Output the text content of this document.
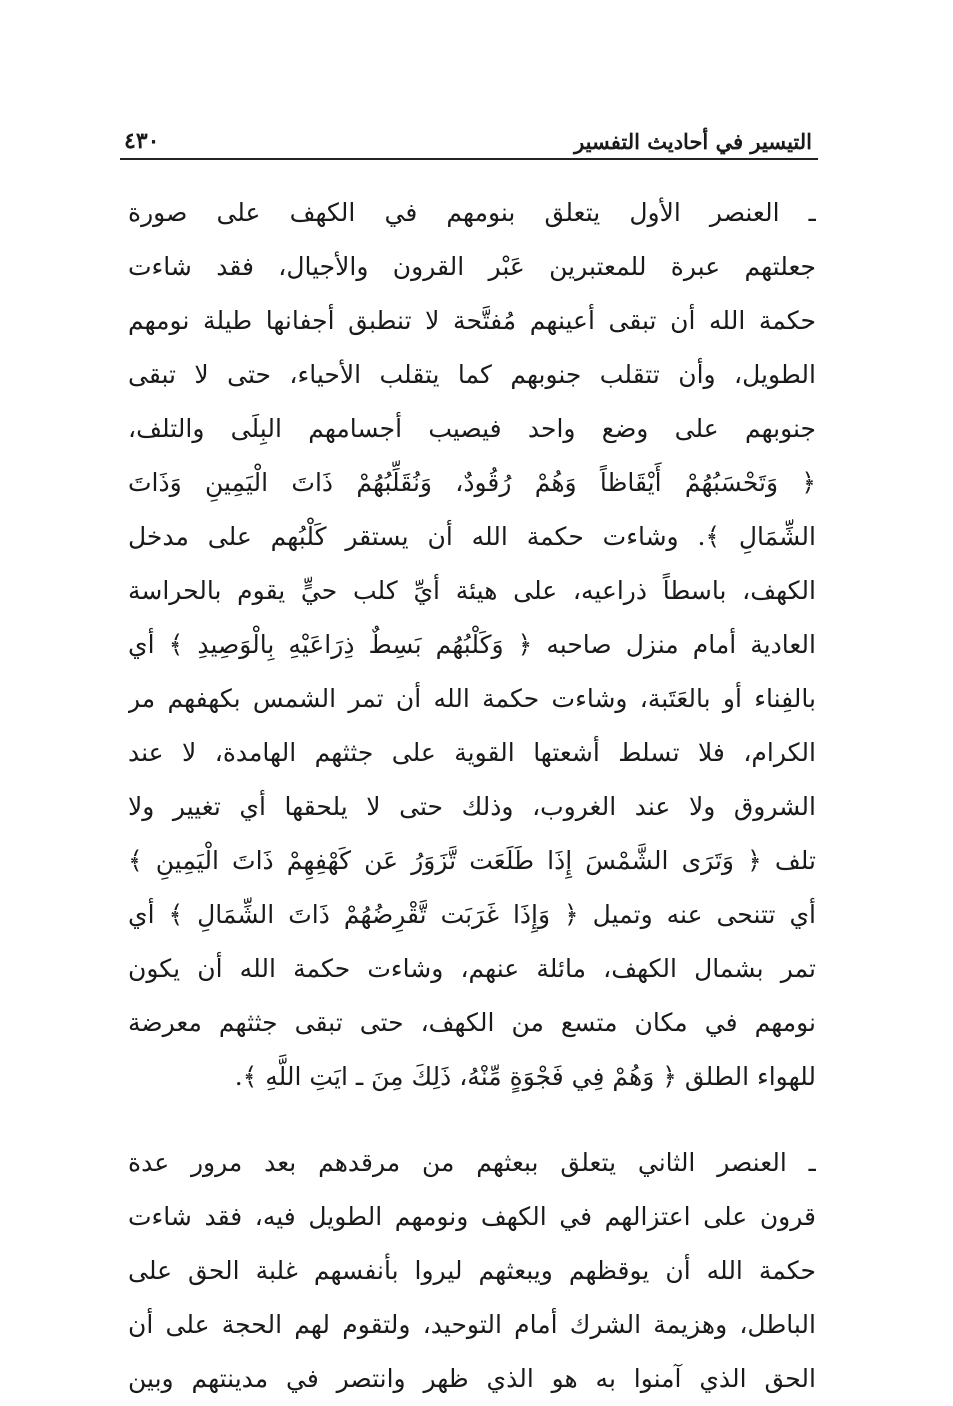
التيسير في أحاديث التفسير
٤٣٠
ـ العنصر الأول يتعلق بنومهم في الكهف على صورة
جعلتهم عبرة للمعتبرين عَبْر القرون والأجيال، فقد شاءت
حكمة الله أن تبقى أعينهم مُفتَّحة لا تنطبق أجفانها طيلة نومهم
الطويل، وأن تتقلب جنوبهم كما يتقلب الأحياء، حتى لا تبقى
جنوبهم على وضع واحد فيصيب أجسامهم البِلَى والتلف،
﴿ وَتَحْسَبُهُمْ أَيْقَاظاً وَهُمْ رُقُودٌ، وَنُقَلِّبُهُمْ ذَاتَ الْيَمِينِ وَذَاتَ
الشِّمَالِ ﴾. وشاءت حكمة الله أن يستقر كَلْبُهم على مدخل
الكهف، باسطاً ذراعيه، على هيئة أيِّ كلب حيٍّ يقوم بالحراسة
العادية أمام منزل صاحبه ﴿ وَكَلْبُهُم بَسِطٌ ذِرَاعَيْهِ بِالْوَصِيدِ ﴾ أي
بالفِناء أو بالعَتَبة، وشاءت حكمة الله أن تمر الشمس بكهفهم مر
الكرام، فلا تسلط أشعتها القوية على جثثهم الهامدة، لا عند
الشروق ولا عند الغروب، وذلك حتى لا يلحقها أي تغيير ولا
تلف ﴿ وَتَرَى الشَّمْسَ إِذَا طَلَعَت تَّزَوَرُ عَن كَهْفِهِمْ ذَاتَ الْيَمِينِ ﴾
أي تتنحى عنه وتميل ﴿ وَإِذَا غَرَبَت تَّقْرِضُهُمْ ذَاتَ الشِّمَالِ ﴾ أي
تمر بشمال الكهف، مائلة عنهم، وشاءت حكمة الله أن يكون
نومهم في مكان متسع من الكهف، حتى تبقى جثثهم معرضة
للهواء الطلق ﴿ وَهُمْ فِي فَجْوَةٍ مِّنْهُ، ذَلِكَ مِنَ ـ ايَتِ اللَّهِ ﴾.
ـ العنصر الثاني يتعلق ببعثهم من مرقدهم بعد مرور عدة
قرون على اعتزالهم في الكهف ونومهم الطويل فيه، فقد شاءت
حكمة الله أن يوقظهم ويبعثهم ليروا بأنفسهم غلبة الحق على
الباطل، وهزيمة الشرك أمام التوحيد، ولتقوم لهم الحجة على أن
الحق الذي آمنوا به هو الذي ظهر وانتصر في مدينتهم وبين
